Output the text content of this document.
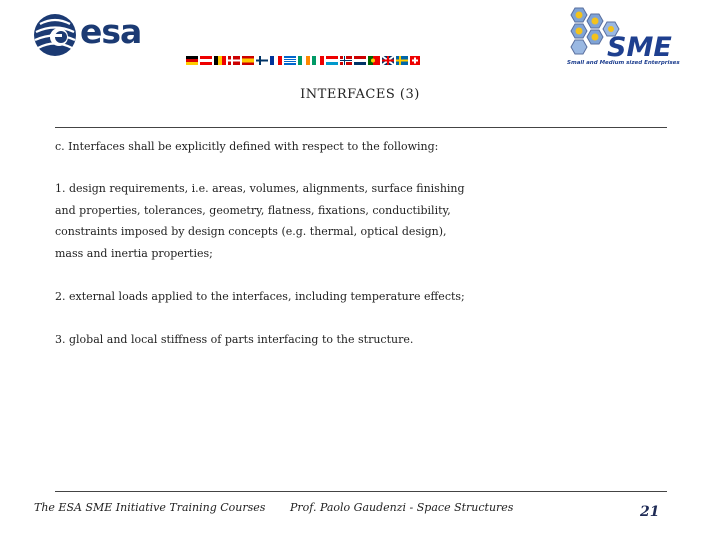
esa	SME
Small and Medium sized Enterprises
INTERFACES (3)
c. Interfaces shall be explicitly defined with respect to the following:
1. design requirements, i.e. areas, volumes, alignments, surface finishing
and properties, tolerances, geometry, flatness, fixations, conductibility,
constraints imposed by design concepts (e.g. thermal, optical design),
mass and inertia properties;
2. external loads applied to the interfaces, including temperature effects;
3. global and local stiffness of parts interfacing to the structure.
The ESA SME Initiative Training Courses Prof. Paolo Gaudenzi - Space Structures	21
